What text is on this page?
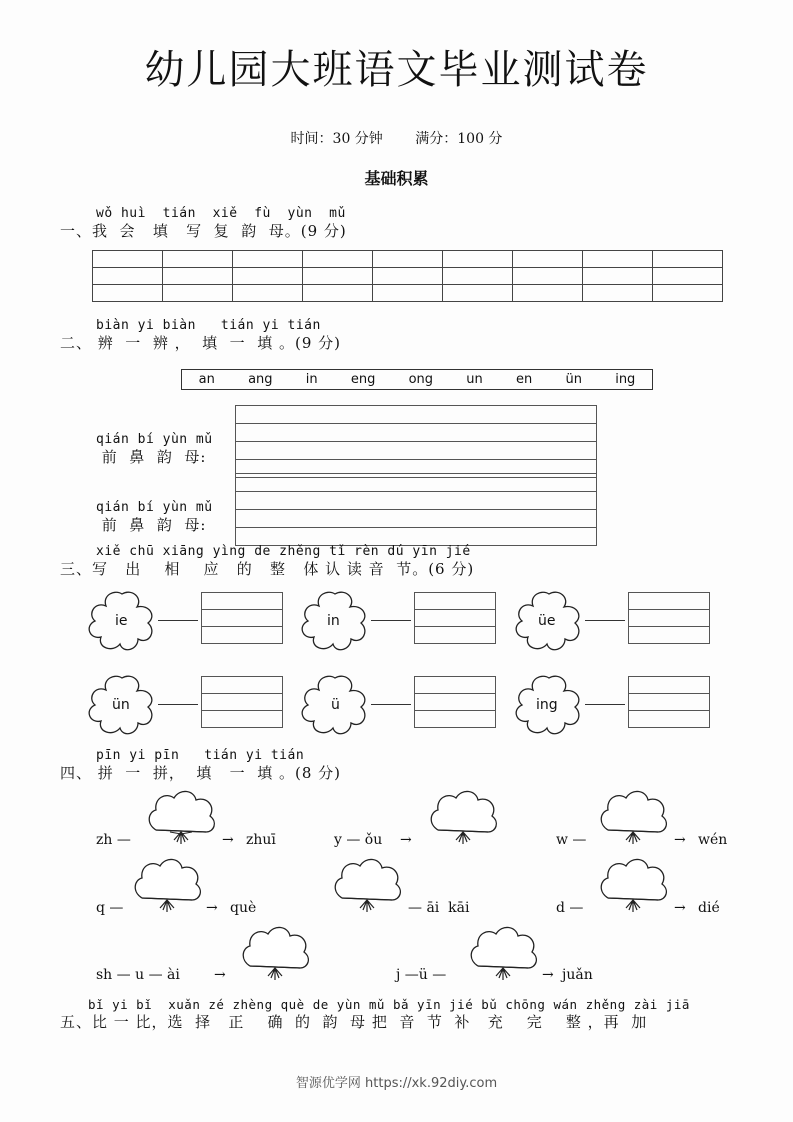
幼儿园大班语文毕业测试卷
时间：30 分钟 满分：100 分
基础积累
wǒ huì  tián  xiě  fù  yùn  mǔ
一、我  会   填   写  复  韵  母。(9 分)

biàn yi biàn   tián yi tián
二、 辨  一  辨 ，  填  一  填 。(9 分)
an	ang	in	eng	ong	un	en	ün	ing
qián bí yùn mǔ
前  鼻  韵  母:
qián bí yùn mǔ
前  鼻  韵  母:
xiě chū xiāng yìng de zhěng tǐ rèn dú yīn jié
三、写   出    相    应   的   整   体 认 读 音  节。(6 分)
ie	in	üe
ün	ü	ing
pīn yi pīn   tián yi tián
四、 拼  一  拼，  填   一  填 。(8 分)
zh —	→ zhuī	y — ǒu →	w —	→ wén
q —	→ què	— āi  kāi	d —	→ dié
sh — u — ài →	j —ü —	→ juǎn
bǐ yi bǐ  xuǎn zé zhèng què de yùn mǔ bǎ yīn jié bǔ chōng wán zhěng zài jiā
五、比 一 比，选  择   正    确  的  韵  母 把  音  节  补   充    完    整 ，再  加
智源优学网 https://xk.92diy.com
